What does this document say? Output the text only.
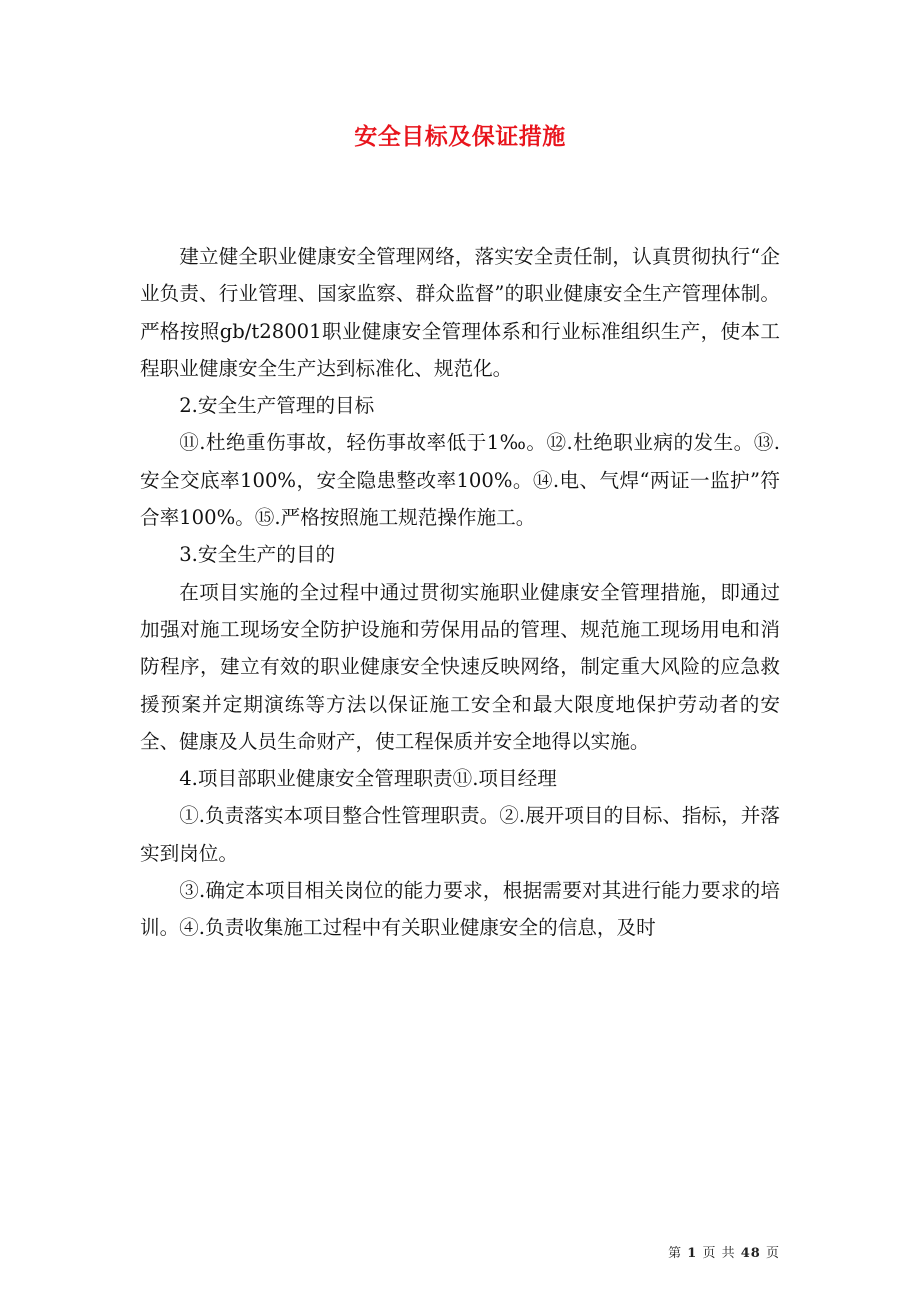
安全目标及保证措施

建立健全职业健康安全管理网络，落实安全责任制，认真贯彻执行“企业负责、行业管理、国家监察、群众监督”的职业健康安全生产管理体制。严格按照gb/t28001职业健康安全管理体系和行业标准组织生产，使本工程职业健康安全生产达到标准化、规范化。

2.安全生产管理的目标

⑪.杜绝重伤事故，轻伤事故率低于1‰。⑫.杜绝职业病的发生。⑬.安全交底率100%，安全隐患整改率100%。⑭.电、气焊“两证一监护”符合率100%。⑮.严格按照施工规范操作施工。

3.安全生产的目的

在项目实施的全过程中通过贯彻实施职业健康安全管理措施，即通过加强对施工现场安全防护设施和劳保用品的管理、规范施工现场用电和消防程序，建立有效的职业健康安全快速反映网络，制定重大风险的应急救援预案并定期演练等方法以保证施工安全和最大限度地保护劳动者的安全、健康及人员生命财产，使工程保质并安全地得以实施。

4.项目部职业健康安全管理职责⑪.项目经理

①.负责落实本项目整合性管理职责。②.展开项目的目标、指标，并落实到岗位。

③.确定本项目相关岗位的能力要求，根据需要对其进行能力要求的培训。④.负责收集施工过程中有关职业健康安全的信息，及时

第 1 页 共 48 页
